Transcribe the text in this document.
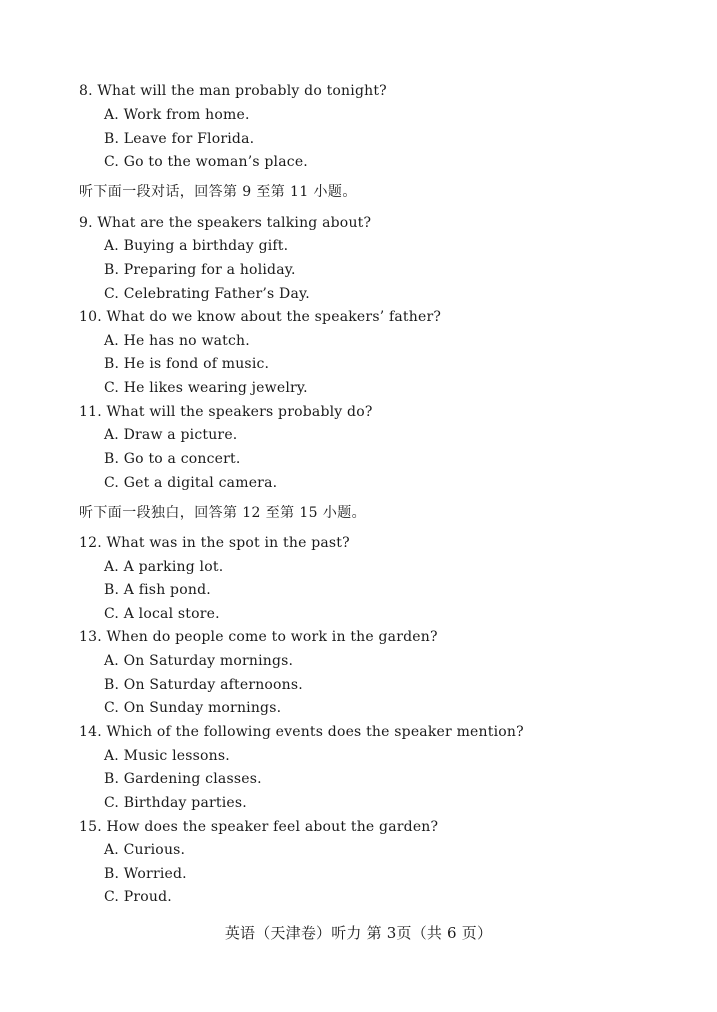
8. What will the man probably do tonight?
A. Work from home.
B. Leave for Florida.
C. Go to the woman’s place.
听下面一段对话，回答第 9 至第 11 小题。
9. What are the speakers talking about?
A. Buying a birthday gift.
B. Preparing for a holiday.
C. Celebrating Father’s Day.
10. What do we know about the speakers’ father?
A. He has no watch.
B. He is fond of music.
C. He likes wearing jewelry.
11. What will the speakers probably do?
A. Draw a picture.
B. Go to a concert.
C. Get a digital camera.
听下面一段独白，回答第 12 至第 15 小题。
12. What was in the spot in the past?
A. A parking lot.
B. A fish pond.
C. A local store.
13. When do people come to work in the garden?
A. On Saturday mornings.
B. On Saturday afternoons.
C. On Sunday mornings.
14. Which of the following events does the speaker mention?
A. Music lessons.
B. Gardening classes.
C. Birthday parties.
15. How does the speaker feel about the garden?
A. Curious.
B. Worried.
C. Proud.
英语（天津卷）听力 第 3页（共 6 页）
